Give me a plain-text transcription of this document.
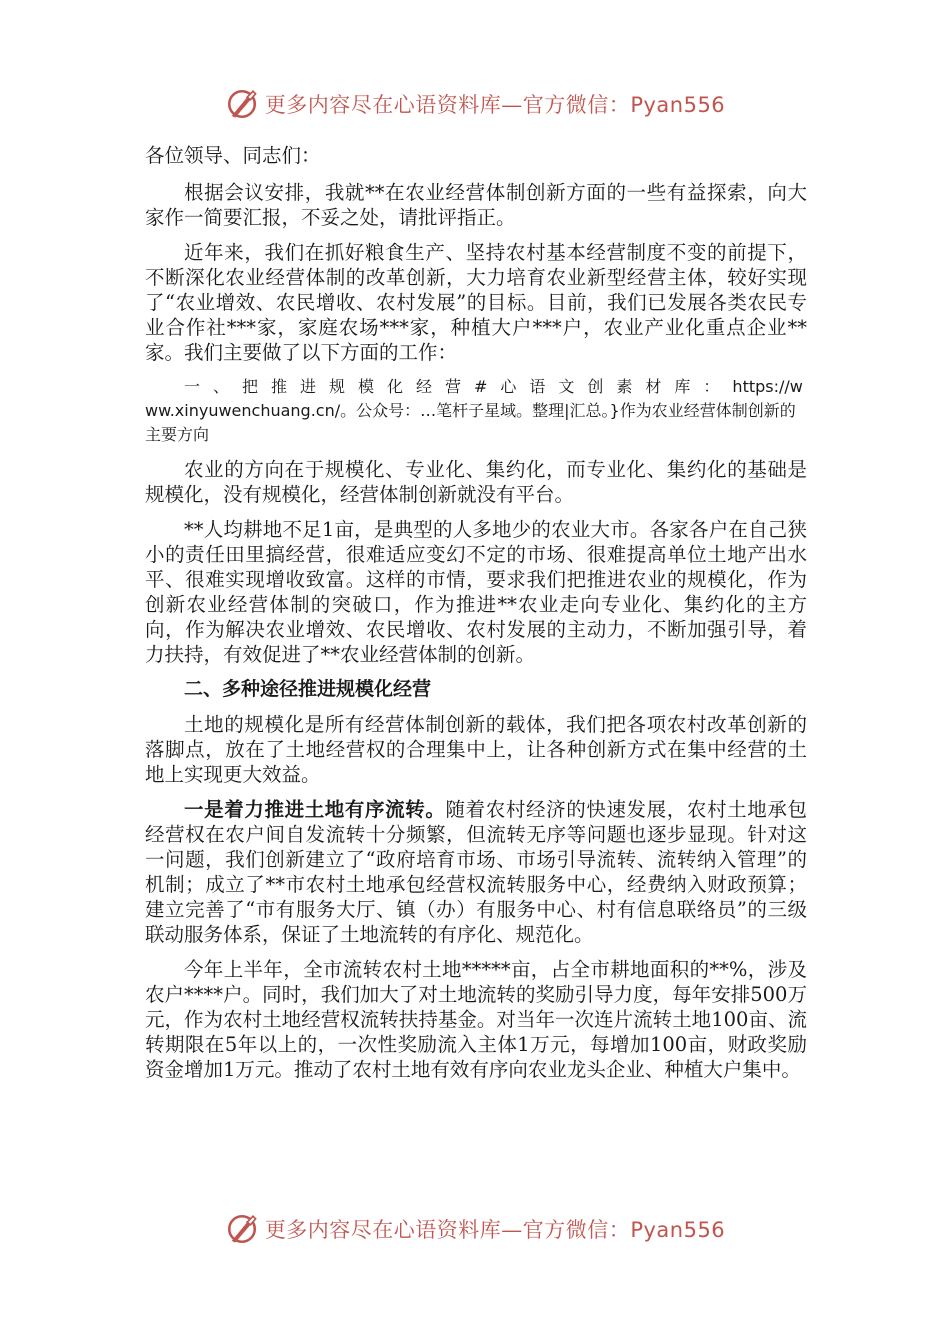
更多内容尽在心语资料库—官方微信：Pyan556

各位领导、同志们：

根据会议安排，我就**在农业经营体制创新方面的一些有益探索，向大家作一简要汇报，不妥之处，请批评指正。

近年来，我们在抓好粮食生产、坚持农村基本经营制度不变的前提下，不断深化农业经营体制的改革创新，大力培育农业新型经营主体，较好实现了“农业增效、农民增收、农村发展”的目标。目前，我们已发展各类农民专业合作社***家，家庭农场***家，种植大户***户，农业产业化重点企业**家。我们主要做了以下方面的工作：

一、把推进规模化经营#心语文创素材库：https://www.xinyuwenchuang.cn/。公众号：…笔杆子星域。整理|汇总。}作为农业经营体制创新的主要方向

农业的方向在于规模化、专业化、集约化，而专业化、集约化的基础是规模化，没有规模化，经营体制创新就没有平台。

**人均耕地不足1亩，是典型的人多地少的农业大市。各家各户在自己狭小的责任田里搞经营，很难适应变幻不定的市场、很难提高单位土地产出水平、很难实现增收致富。这样的市情，要求我们把推进农业的规模化，作为创新农业经营体制的突破口，作为推进**农业走向专业化、集约化的主方向，作为解决农业增效、农民增收、农村发展的主动力，不断加强引导，着力扶持，有效促进了**农业经营体制的创新。

二、多种途径推进规模化经营

土地的规模化是所有经营体制创新的载体，我们把各项农村改革创新的落脚点，放在了土地经营权的合理集中上，让各种创新方式在集中经营的土地上实现更大效益。

一是着力推进土地有序流转。随着农村经济的快速发展，农村土地承包经营权在农户间自发流转十分频繁，但流转无序等问题也逐步显现。针对这一问题，我们创新建立了“政府培育市场、市场引导流转、流转纳入管理”的机制；成立了**市农村土地承包经营权流转服务中心，经费纳入财政预算；建立完善了“市有服务大厅、镇（办）有服务中心、村有信息联络员”的三级联动服务体系，保证了土地流转的有序化、规范化。

今年上半年，全市流转农村土地*****亩，占全市耕地面积的**%，涉及农户****户。同时，我们加大了对土地流转的奖励引导力度，每年安排500万元，作为农村土地经营权流转扶持基金。对当年一次连片流转土地100亩、流转期限在5年以上的，一次性奖励流入主体1万元，每增加100亩，财政奖励资金增加1万元。推动了农村土地有效有序向农业龙头企业、种植大户集中。

更多内容尽在心语资料库—官方微信：Pyan556
